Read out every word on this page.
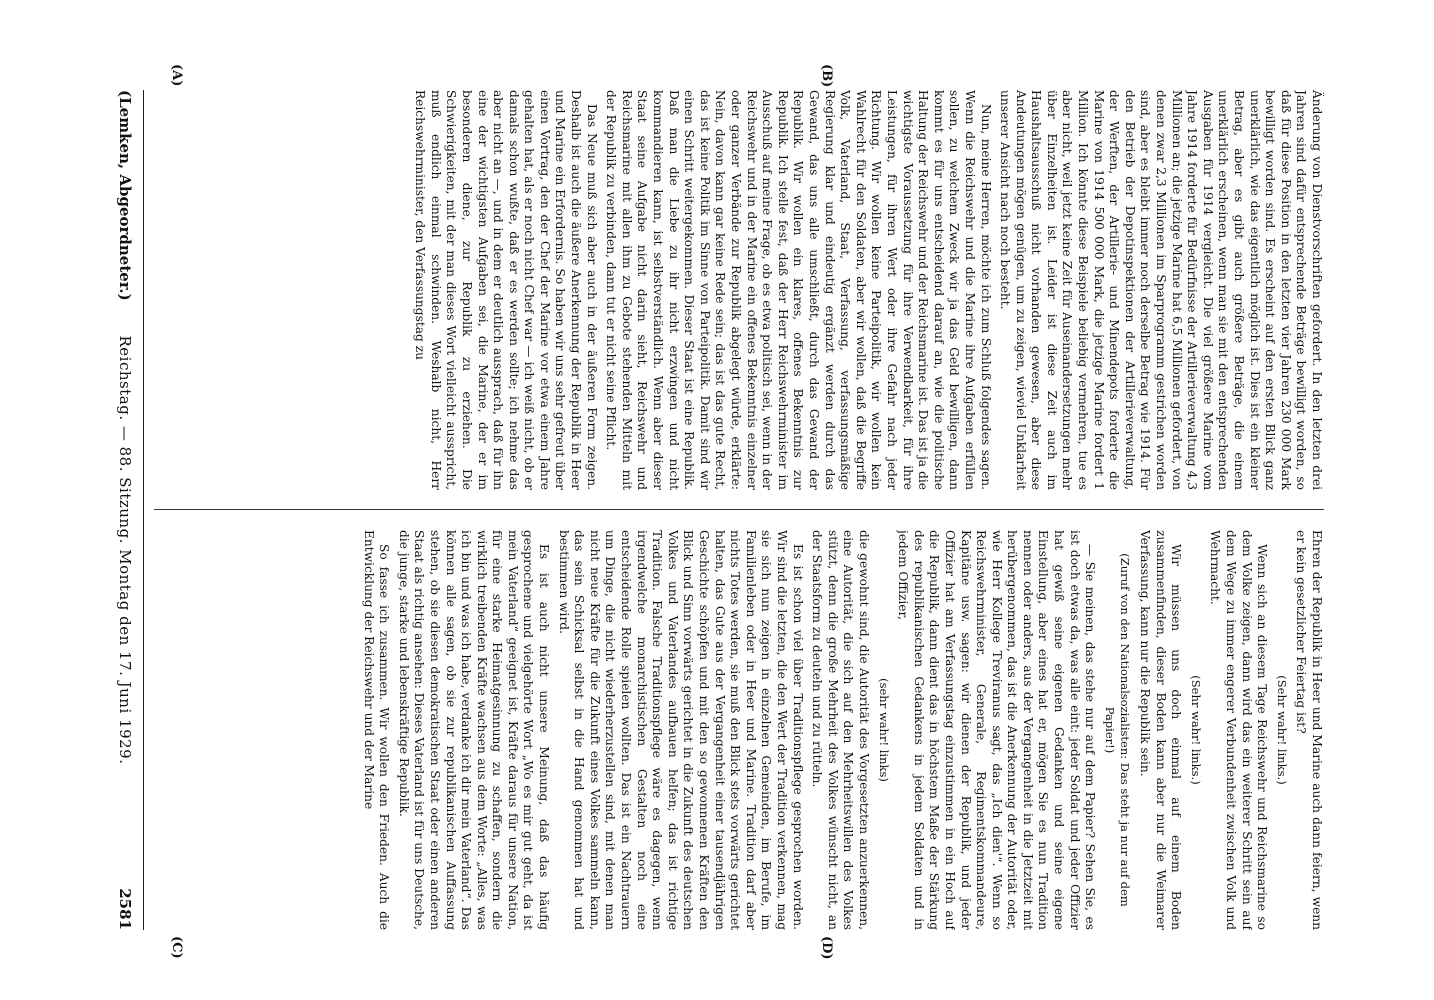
(Lemken, Abgeordneter.)
Reichstag. — 88. Sitzung. Montag den 17. Juni 1929.
2581
(A)	(B)
(C)	(D)

Änderung von Dienstvorschriften gefordert. In den letzten drei Jahren sind dafür entsprechende Beträge bewilligt worden, so daß für diese Position in den letzten vier Jahren 230 000 Mark bewilligt worden sind. Es erscheint auf den ersten Blick ganz unerklärlich, wie das eigentlich möglich ist. Dies ist ein kleiner Betrag, aber es gibt auch größere Beträge, die einem unerklärlich erscheinen, wenn man sie mit den entsprechenden Ausgaben für 1914 vergleicht. Die viel größere Marine vom Jahre 1914 forderte für Bedürfnisse der Artillerieverwaltung 4,3 Millionen an; die jetzige Marine hat 6,5 Millionen gefordert, von denen zwar 2,3 Millionen im Sparprogramm gestrichen worden sind, aber es bleibt immer noch derselbe Betrag wie 1914. Für den Betrieb der Depotinspektionen der Artillerieverwaltung, der Werften, der Artillerie- und Minendepots forderte die Marine von 1914 500 000 Mark, die jetzige Marine fordert 1 Million. Ich könnte diese Beispiele beliebig vermehren, tue es aber nicht, weil jetzt keine Zeit für Auseinandersetzungen mehr über Einzelheiten ist. Leider ist diese Zeit auch im Haushaltsausschuß nicht vorhanden gewesen, aber diese Andeutungen mögen genügen, um zu zeigen, wieviel Unklarheit unserer Ansicht nach noch besteht.

Nun, meine Herren, möchte ich zum Schluß folgendes sagen. Wenn die Reichswehr und die Marine ihre Aufgaben erfüllen sollen, zu welchem Zweck wir ja das Geld bewilligen, dann kommt es für uns entscheidend darauf an, wie die politische Haltung der Reichswehr und der Reichsmarine ist. Das ist ja die wichtigste Voraussetzung für ihre Verwendbarkeit, für ihre Leistungen, für ihren Wert oder ihre Gefahr nach jeder Richtung. Wir wollen keine Parteipolitik, wir wollen kein Wahlrecht für den Soldaten, aber wir wollen, daß die Begriffe Volk, Vaterland, Staat, Verfassung, verfassungsmäßige Regierung klar und eindeutig ergänzt werden durch das Gewand, das uns alle umschließt, durch das Gewand der Republik. Wir wollen ein klares, offenes Bekenntnis zur Republik. Ich stelle fest, daß der Herr Reichswehrminister im Ausschuß auf meine Frage, ob es etwa politisch sei, wenn in der Reichswehr und in der Marine ein offenes Bekenntnis einzelner oder ganzer Verbände zur Republik abgelegt würde, erklärte: Nein, davon kann gar keine Rede sein; das ist das gute Recht, das ist keine Politik im Sinne von Parteipolitik. Damit sind wir einen Schritt weitergekommen. Dieser Staat ist eine Republik. Daß man die Liebe zu ihr nicht erzwingen und nicht kommandieren kann, ist selbstverständlich. Wenn aber dieser Staat seine Aufgabe nicht darin sieht, Reichswehr und Reichsmarine mit allen ihm zu Gebote stehenden Mitteln mit der Republik zu verbinden, dann tut er nicht seine Pflicht.

Das Neue muß sich aber auch in der äußeren Form zeigen. Deshalb ist auch die äußere Anerkennung der Republik in Heer und Marine ein Erfordernis. So haben wir uns sehr gefreut über einen Vortrag, den der Chef der Marine vor etwa einem Jahre gehalten hat, als er noch nicht Chef war — ich weiß nicht, ob er damals schon wußte, daß er es werden sollte; ich nehme das aber nicht an —, und in dem er deutlich aussprach, daß für ihn eine der wichtigsten Aufgaben sei, die Marine, der er im besonderen diene, zur Republik zu erziehen. Die Schwierigkeiten, mit der man dieses Wort vielleicht ausspricht, muß endlich einmal schwinden. Weshalb nicht, Herr Reichswehrminister, den Verfassungstag zu

Ehren der Republik in Heer und Marine auch dann feiern, wenn er kein gesetzlicher Feiertag ist?

(Sehr wahr! links.)

Wenn sich an diesem Tage Reichswehr und Reichsmarine so dem Volke zeigen, dann wird das ein weiterer Schritt sein auf dem Wege zu immer engerer Verbundenheit zwischen Volk und Wehrmacht.

(Sehr wahr! links.)

Wir müssen uns doch einmal auf einem Boden zusammenfinden, dieser Boden kann aber nur die Weimarer Verfassung, kann nur die Republik sein.

(Zuruf von den Nationalsozialisten: Das steht ja nur auf dem Papier!)

— Sie meinen, das stehe nur auf dem Papier? Sehen Sie, es ist doch etwas da, was alle eint: jeder Soldat und jeder Offizier hat gewiß seine eigenen Gedanken und seine eigene Einstellung, aber eines hat er, mögen Sie es nun Tradition nennen oder anders, aus der Vergangenheit in die Jetztzeit mit herübergenommen, das ist die Anerkennung der Autorität oder, wie Herr Kollege Treviranus sagt, das „Ich dien'“. Wenn so Reichswehrminister, Generale, Regimentskommandeure, Kapitäne usw. sagen: wir dienen der Republik, und jeder Offizier hat am Verfassungstag einzustimmen in ein Hoch auf die Republik, dann dient das in höchstem Maße der Stärkung des republikanischen Gedankens in jedem Soldaten und in jedem Offizier,

(sehr wahr! links)

die gewohnt sind, die Autorität des Vorgesetzten anzuerkennen, eine Autorität, die sich auf den Mehrheitswillen des Volkes stützt, denn die große Mehrheit des Volkes wünscht nicht, an der Staatsform zu deuteln und zu rütteln.

Es ist schon viel über Traditionspflege gesprochen worden. Wir sind die letzten, die den Wert der Tradition verkennen, mag sie sich nun zeigen in einzelnen Gemeinden, im Berufe, im Familienleben oder in Heer und Marine. Tradition darf aber nichts Totes werden, sie muß den Blick stets vorwärts gerichtet halten, das Gute aus der Vergangenheit einer tausendjährigen Geschichte schöpfen und mit den so gewonnenen Kräften den Blick und Sinn vorwärts gerichtet in die Zukunft des deutschen Volkes und Vaterlandes aufbauen helfen; das ist richtige Tradition. Falsche Traditionspflege wäre es dagegen, wenn irgendwelche monarchistischen Gestalten noch eine entscheidende Rolle spielen wollten. Das ist ein Nachtrauern um Dinge, die nicht wiederherzustellen sind, mit denen man nicht neue Kräfte für die Zukunft eines Volkes sammeln kann, das sein Schicksal selbst in die Hand genommen hat und bestimmen wird.

Es ist auch nicht unsere Meinung, daß das häufig gesprochene und vielgehörte Wort „Wo es mir gut geht, da ist mein Vaterland“ geeignet ist, Kräfte daraus für unsere Nation, für eine starke Heimatgesinnung zu schaffen, sondern die wirklich treibenden Kräfte wachsen aus dem Worte: „Alles, was ich bin und was ich habe, verdanke ich dir mein Vaterland“. Das können alle sagen, ob sie zur republikanischen Auffassung stehen, ob sie diesen demokratischen Staat oder einen anderen Staat als richtig ansehen: Dieses Vaterland ist für uns Deutsche, die junge, starke und lebenskräftige Republik.

So fasse ich zusammen. Wir wollen den Frieden. Auch die Entwicklung der Reichswehr und der Marine
